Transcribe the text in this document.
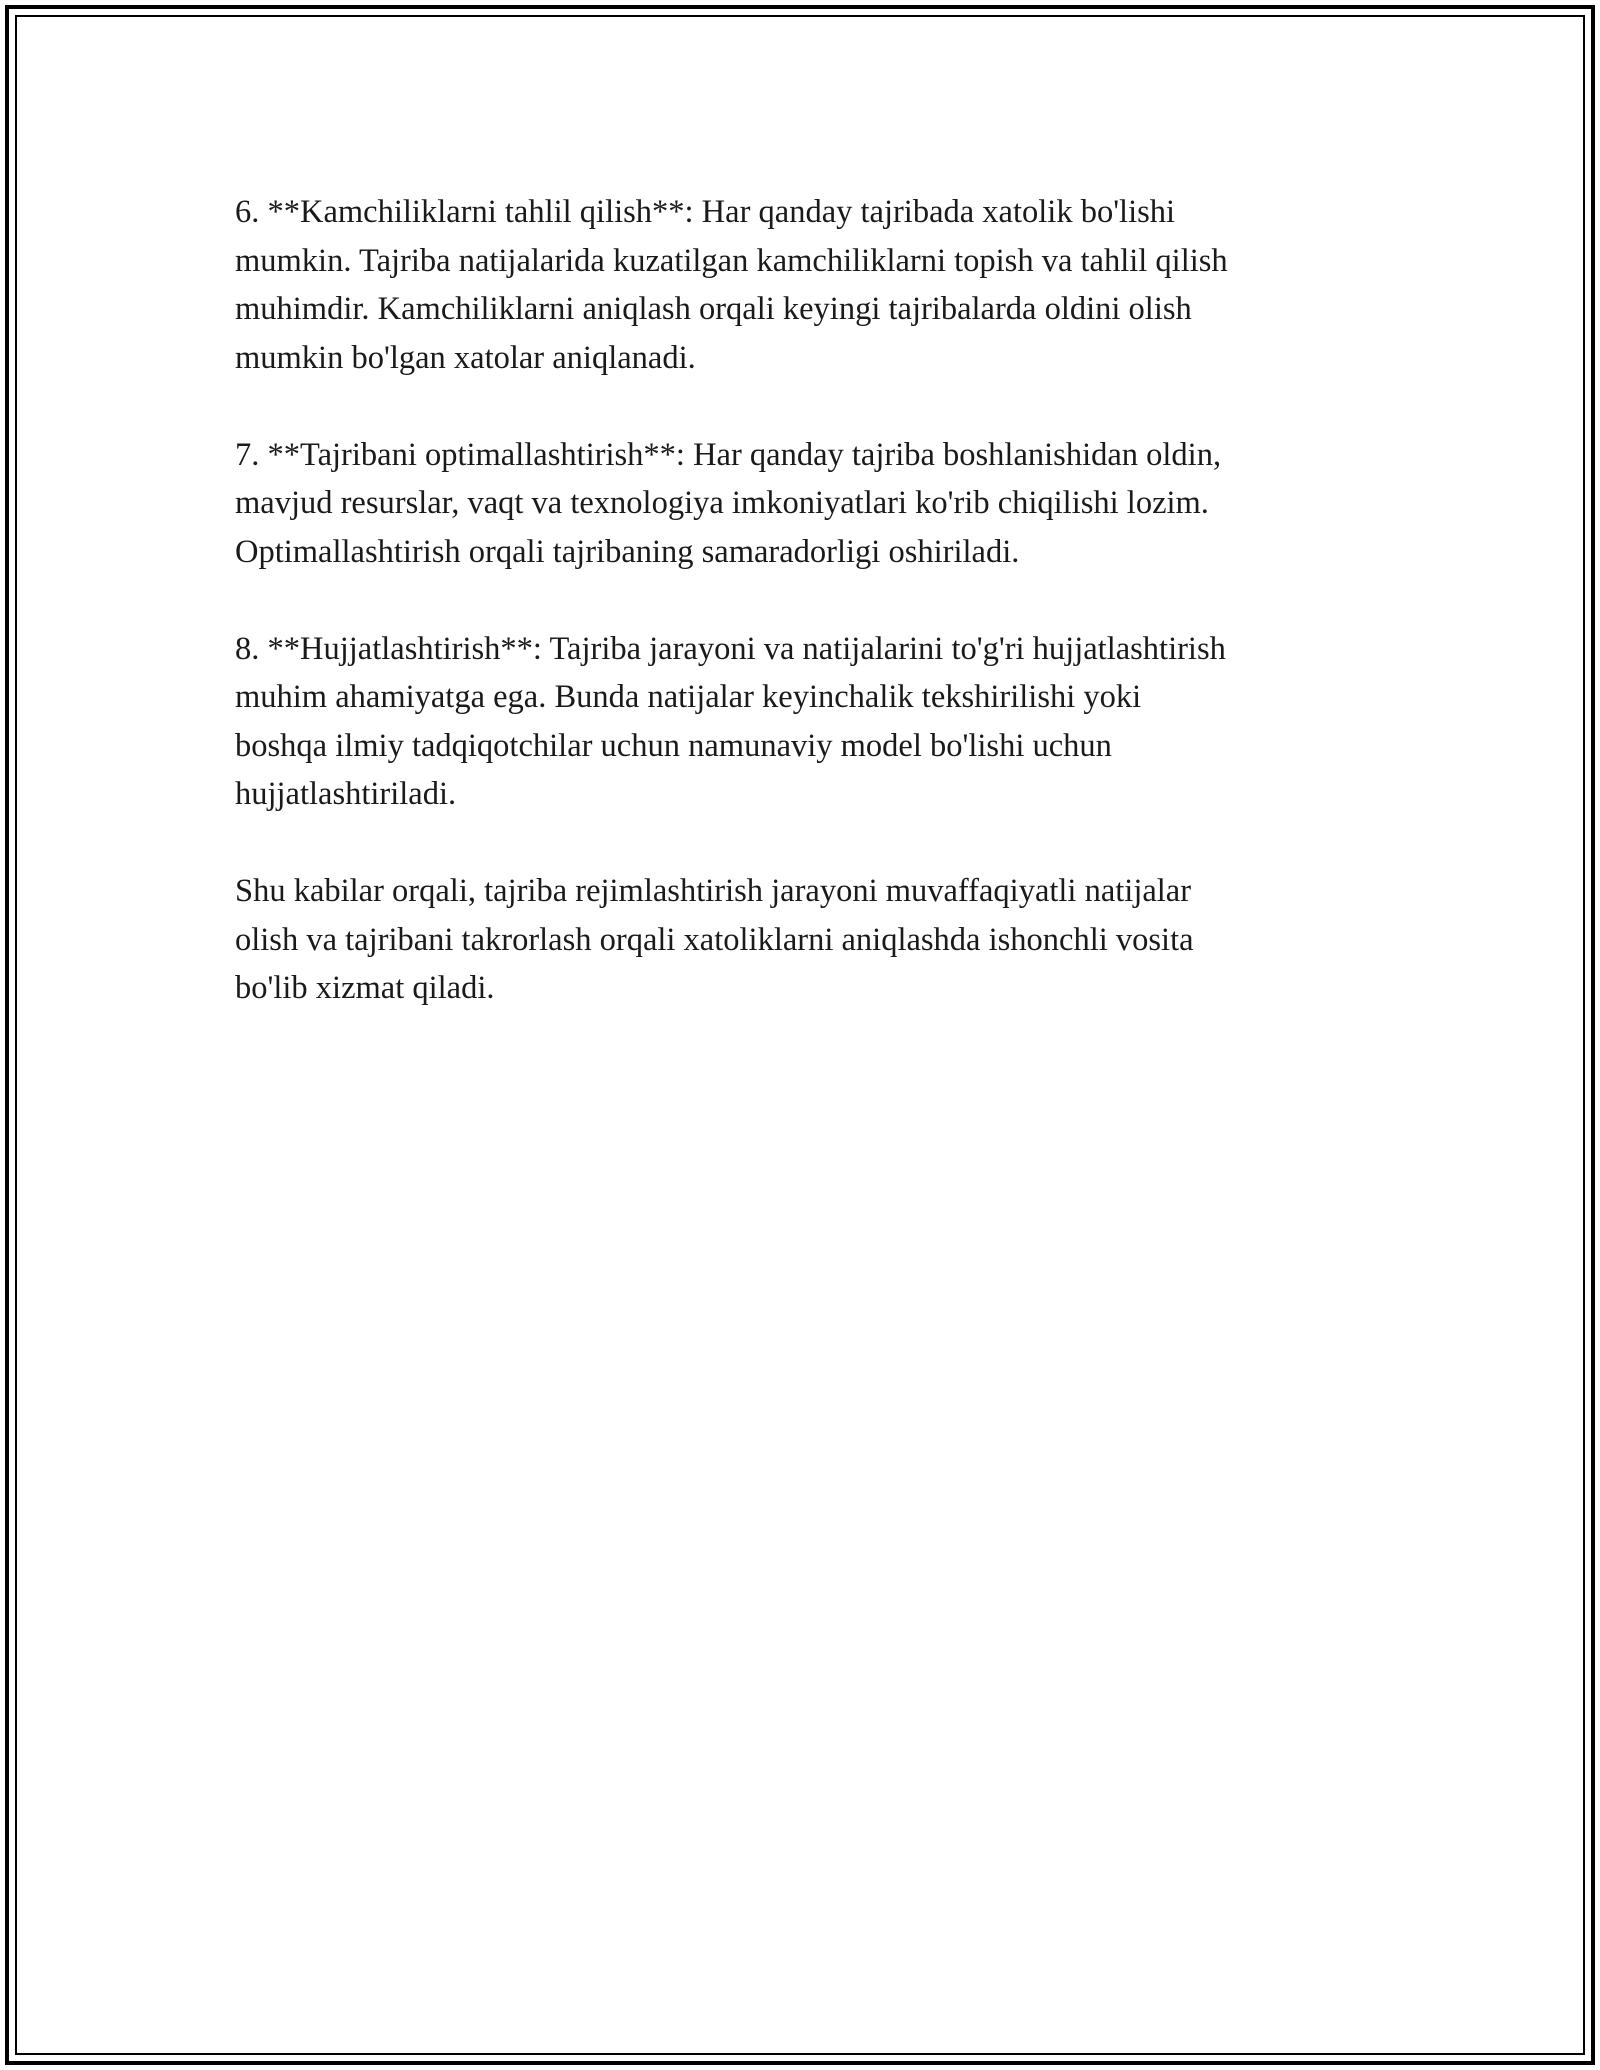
6. **Kamchiliklarni tahlil qilish**: Har qanday tajribada xatolik bo'lishi
mumkin. Tajriba natijalarida kuzatilgan kamchiliklarni topish va tahlil qilish
muhimdir. Kamchiliklarni aniqlash orqali keyingi tajribalarda oldini olish
mumkin bo'lgan xatolar aniqlanadi.

7. **Tajribani optimallashtirish**: Har qanday tajriba boshlanishidan oldin,
mavjud resurslar, vaqt va texnologiya imkoniyatlari ko'rib chiqilishi lozim.
Optimallashtirish orqali tajribaning samaradorligi oshiriladi.

8. **Hujjatlashtirish**: Tajriba jarayoni va natijalarini to'g'ri hujjatlashtirish
muhim ahamiyatga ega. Bunda natijalar keyinchalik tekshirilishi yoki
boshqa ilmiy tadqiqotchilar uchun namunaviy model bo'lishi uchun
hujjatlashtiriladi.

Shu kabilar orqali, tajriba rejimlashtirish jarayoni muvaffaqiyatli natijalar
olish va tajribani takrorlash orqali xatoliklarni aniqlashda ishonchli vosita
bo'lib xizmat qiladi.
